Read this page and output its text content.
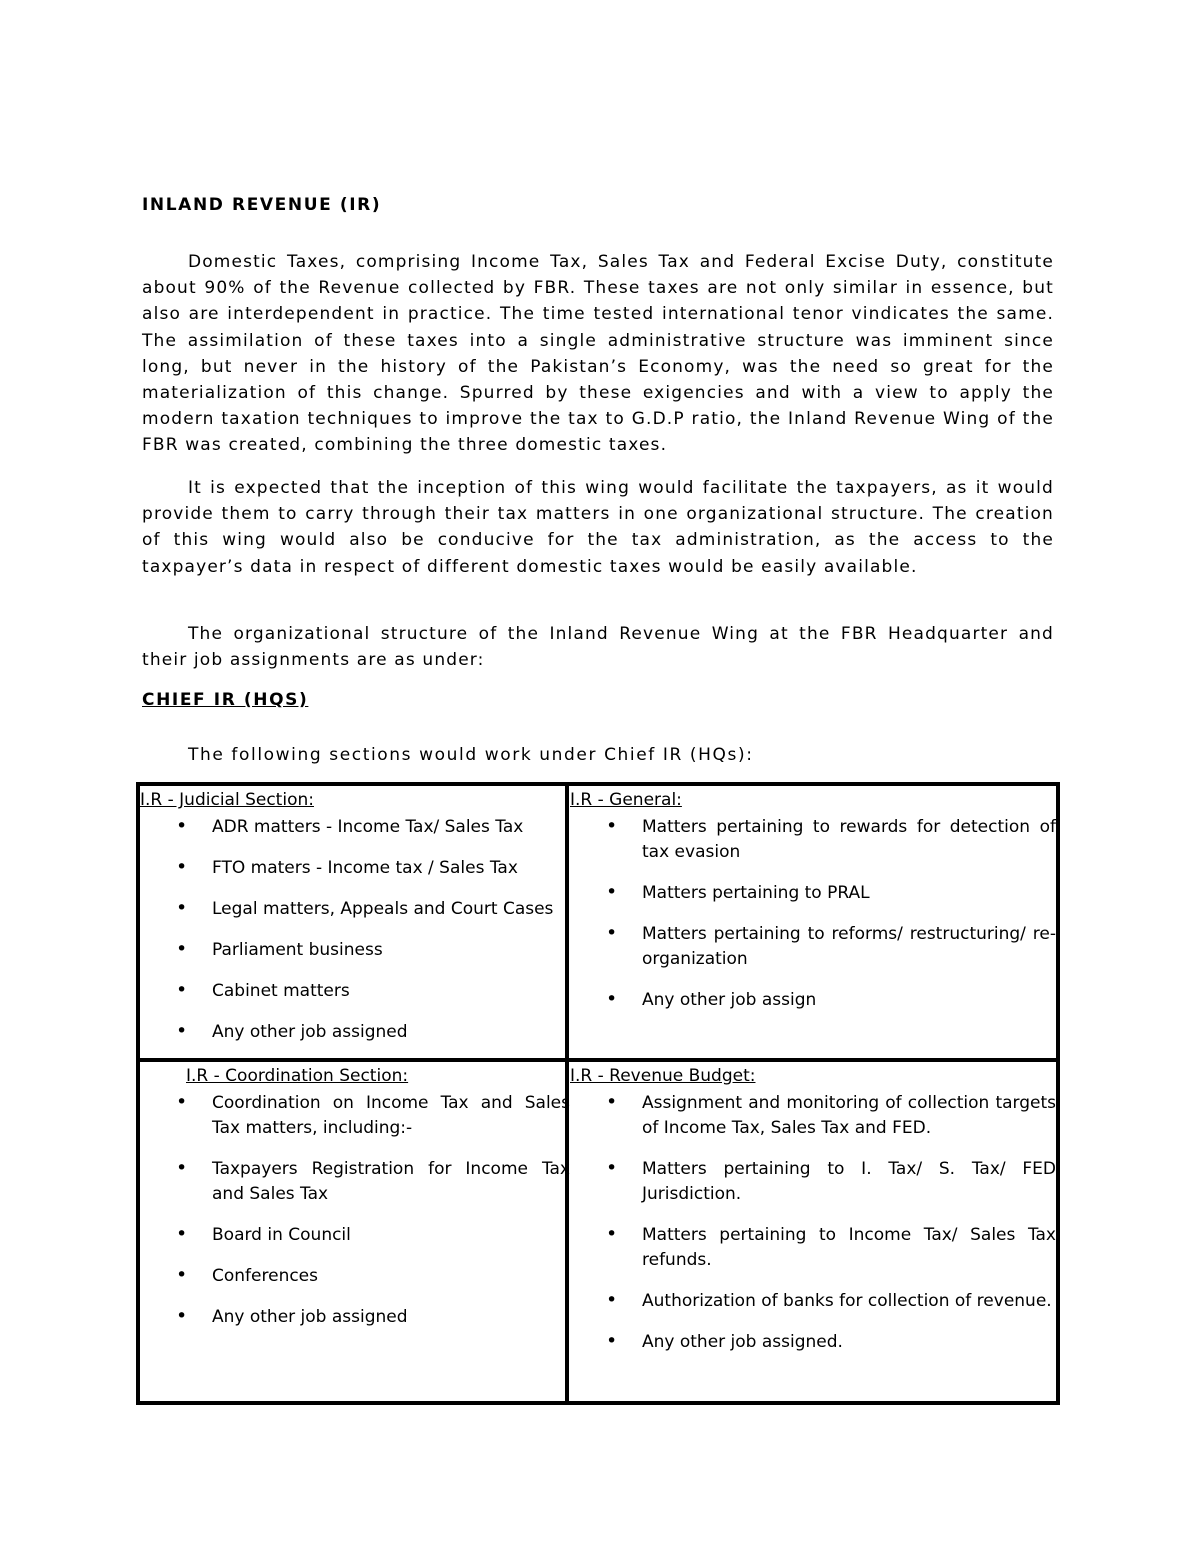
INLAND REVENUE (IR)

Domestic Taxes, comprising Income Tax, Sales Tax and Federal Excise Duty, constitute about 90% of the Revenue collected by FBR. These taxes are not only similar in essence, but also are interdependent in practice. The time tested international tenor vindicates the same. The assimilation of these taxes into a single administrative structure was imminent since long, but never in the history of the Pakistan’s Economy, was the need so great for the materialization of this change. Spurred by these exigencies and with a view to apply the modern taxation techniques to improve the tax to G.D.P ratio, the Inland Revenue Wing of the FBR was created, combining the three domestic taxes.

It is expected that the inception of this wing would facilitate the taxpayers, as it would provide them to carry through their tax matters in one organizational structure. The creation of this wing would also be conducive for the tax administration, as the access to the taxpayer’s data in respect of different domestic taxes would be easily available.

The organizational structure of the Inland Revenue Wing at the FBR Headquarter and their job assignments are as under:

CHIEF IR (HQS)

The following sections would work under Chief IR (HQs):

I.R - Judicial Section:

• ADR matters - Income Tax/ Sales Tax
• FTO maters - Income tax / Sales Tax
• Legal matters, Appeals and Court Cases
• Parliament business
• Cabinet matters
• Any other job assigned

I.R - General:

• Matters pertaining to rewards for detection of tax evasion
• Matters pertaining to PRAL
• Matters pertaining to reforms/ restructuring/ re-organization
• Any other job assign

I.R - Coordination Section:

• Coordination on Income Tax and Sales Tax matters, including:-
• Taxpayers Registration for Income Tax and Sales Tax
• Board in Council
• Conferences
• Any other job assigned

I.R - Revenue Budget:

• Assignment and monitoring of collection targets of Income Tax, Sales Tax and FED.
• Matters pertaining to I. Tax/ S. Tax/ FED Jurisdiction.
• Matters pertaining to Income Tax/ Sales Tax refunds.
• Authorization of banks for collection of revenue.
• Any other job assigned.
